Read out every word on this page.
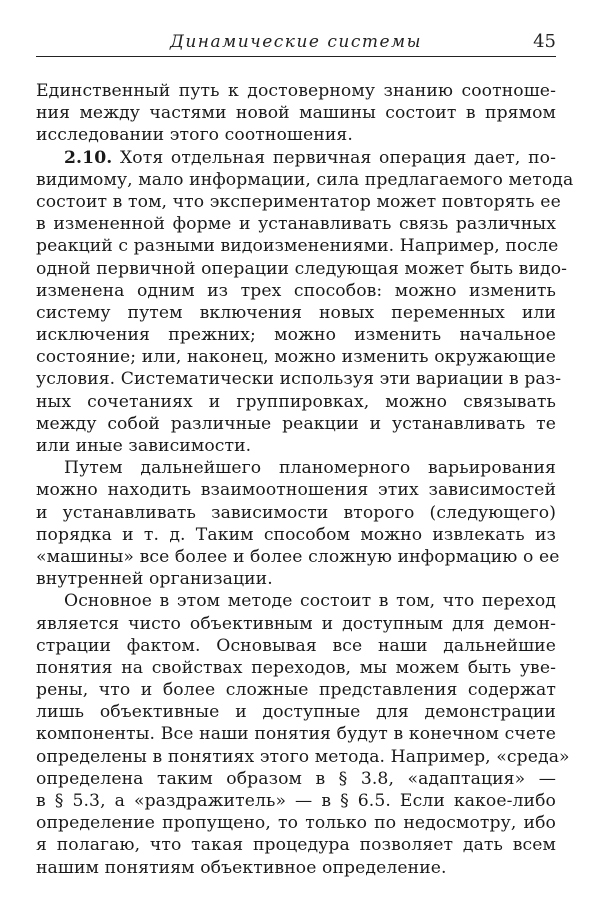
Динамические системы	45
Единственный путь к достоверному знанию соотноше-
ния между частями новой машины состоит в прямом
исследовании этого соотношения.
2.10. Хотя отдельная первичная операция дает, по-
видимому, мало информации, сила предлагаемого метода
состоит в том, что экспериментатор может повторять ее
в измененной форме и устанавливать связь различных
реакций с разными видоизменениями. Например, после
одной первичной операции следующая может быть видо-
изменена одним из трех способов: можно изменить
систему путем включения новых переменных или
исключения прежних; можно изменить начальное
состояние; или, наконец, можно изменить окружающие
условия. Систематически используя эти вариации в раз-
ных сочетаниях и группировках, можно связывать
между собой различные реакции и устанавливать те
или иные зависимости.
Путем дальнейшего планомерного варьирования
можно находить взаимоотношения этих зависимостей
и устанавливать зависимости второго (следующего)
порядка и т. д. Таким способом можно извлекать из
«машины» все более и более сложную информацию о ее
внутренней организации.
Основное в этом методе состоит в том, что переход
является чисто объективным и доступным для демон-
страции фактом. Основывая все наши дальнейшие
понятия на свойствах переходов, мы можем быть уве-
рены, что и более сложные представления содержат
лишь объективные и доступные для демонстрации
компоненты. Все наши понятия будут в конечном счете
определены в понятиях этого метода. Например, «среда»
определена таким образом в § 3.8, «адаптация» —
в § 5.3, а «раздражитель» — в § 6.5. Если какое-либо
определение пропущено, то только по недосмотру, ибо
я полагаю, что такая процедура позволяет дать всем
нашим понятиям объективное определение.
